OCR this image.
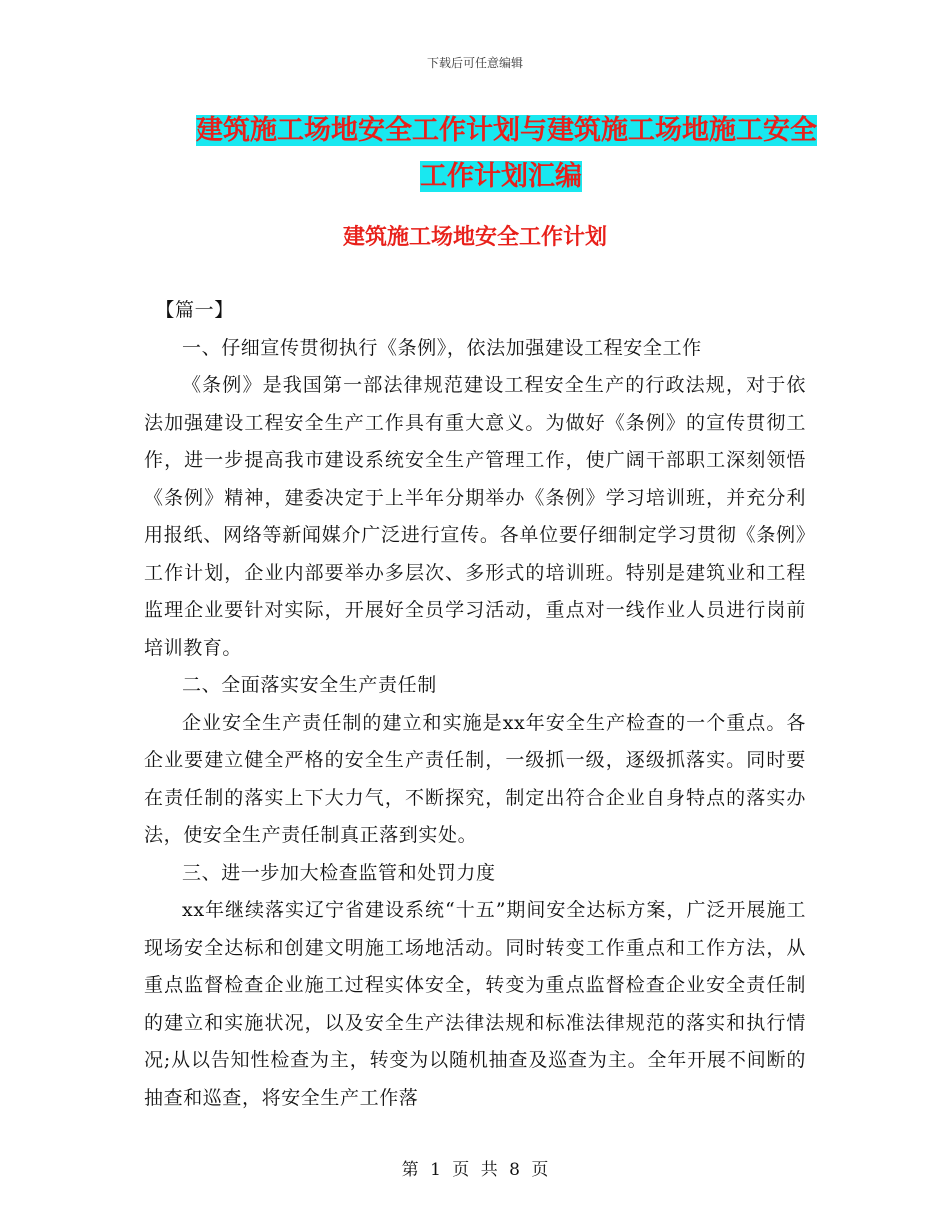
下载后可任意编辑
建筑施工场地安全工作计划与建筑施工场地施工安全
工作计划汇编
建筑施工场地安全工作计划

【篇一】

一、仔细宣传贯彻执行《条例》，依法加强建设工程安全工作

《条例》是我国第一部法律规范建设工程安全生产的行政法规，对于依法加强建设工程安全生产工作具有重大意义。为做好《条例》的宣传贯彻工作，进一步提高我市建设系统安全生产管理工作，使广阔干部职工深刻领悟《条例》精神，建委决定于上半年分期举办《条例》学习培训班，并充分利用报纸、网络等新闻媒介广泛进行宣传。各单位要仔细制定学习贯彻《条例》工作计划，企业内部要举办多层次、多形式的培训班。特别是建筑业和工程监理企业要针对实际，开展好全员学习活动，重点对一线作业人员进行岗前培训教育。

二、全面落实安全生产责任制

企业安全生产责任制的建立和实施是xx年安全生产检查的一个重点。各企业要建立健全严格的安全生产责任制，一级抓一级，逐级抓落实。同时要在责任制的落实上下大力气，不断探究，制定出符合企业自身特点的落实办法，使安全生产责任制真正落到实处。

三、进一步加大检查监管和处罚力度

xx年继续落实辽宁省建设系统“十五”期间安全达标方案，广泛开展施工现场安全达标和创建文明施工场地活动。同时转变工作重点和工作方法，从重点监督检查企业施工过程实体安全，转变为重点监督检查企业安全责任制的建立和实施状况，以及安全生产法律法规和标准法律规范的落实和执行情况;从以告知性检查为主，转变为以随机抽查及巡查为主。全年开展不间断的抽查和巡查，将安全生产工作落

第 1 页 共 8 页
